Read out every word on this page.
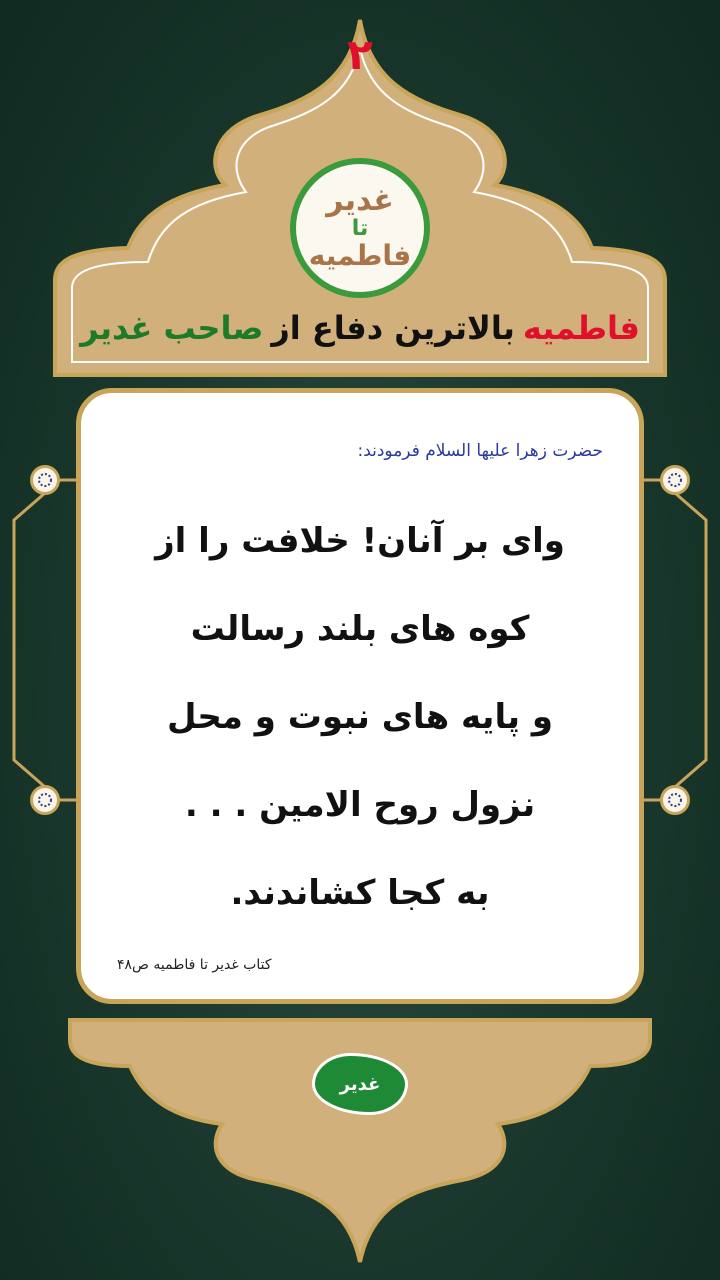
۲
غدیر
تا
فاطمیه
فاطمیه
بالاترین دفاع از
صاحب غدیر
حضرت زهرا علیها السلام فرمودند:
وای بر آنان! خلافت را از
کوه های بلند رسالت
و پایه های نبوت و محل
نزول روح الامین . . .
به کجا کشاندند.
کتاب غدیر تا فاطمیه ص۴۸
غدیر
